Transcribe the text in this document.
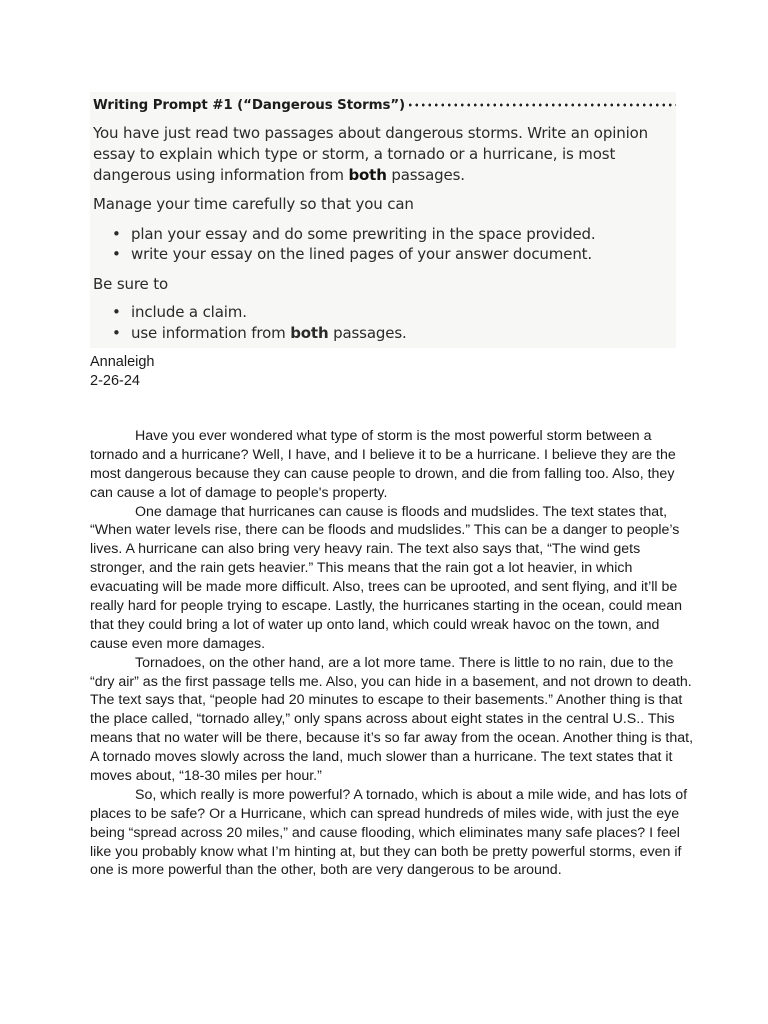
Writing Prompt #1 (“Dangerous Storms”)
You have just read two passages about dangerous storms. Write an opinion
essay to explain which type or storm, a tornado or a hurricane, is most
dangerous using information from both passages.
Manage your time carefully so that you can
• plan your essay and do some prewriting in the space provided.
• write your essay on the lined pages of your answer document.
Be sure to
• include a claim.
• use information from both passages.
Annaleigh
2-26-24
Have you ever wondered what type of storm is the most powerful storm between a
tornado and a hurricane? Well, I have, and I believe it to be a hurricane. I believe they are the
most dangerous because they can cause people to drown, and die from falling too. Also, they
can cause a lot of damage to people's property.
One damage that hurricanes can cause is floods and mudslides. The text states that,
“When water levels rise, there can be floods and mudslides.” This can be a danger to people’s
lives. A hurricane can also bring very heavy rain. The text also says that, “The wind gets
stronger, and the rain gets heavier.” This means that the rain got a lot heavier, in which
evacuating will be made more difficult. Also, trees can be uprooted, and sent flying, and it’ll be
really hard for people trying to escape. Lastly, the hurricanes starting in the ocean, could mean
that they could bring a lot of water up onto land, which could wreak havoc on the town, and
cause even more damages.
Tornadoes, on the other hand, are a lot more tame. There is little to no rain, due to the
“dry air” as the first passage tells me. Also, you can hide in a basement, and not drown to death.
The text says that, “people had 20 minutes to escape to their basements.” Another thing is that
the place called, “tornado alley,” only spans across about eight states in the central U.S.. This
means that no water will be there, because it’s so far away from the ocean. Another thing is that,
A tornado moves slowly across the land, much slower than a hurricane. The text states that it
moves about, “18-30 miles per hour.”
So, which really is more powerful? A tornado, which is about a mile wide, and has lots of
places to be safe? Or a Hurricane, which can spread hundreds of miles wide, with just the eye
being “spread across 20 miles,” and cause flooding, which eliminates many safe places? I feel
like you probably know what I’m hinting at, but they can both be pretty powerful storms, even if
one is more powerful than the other, both are very dangerous to be around.
